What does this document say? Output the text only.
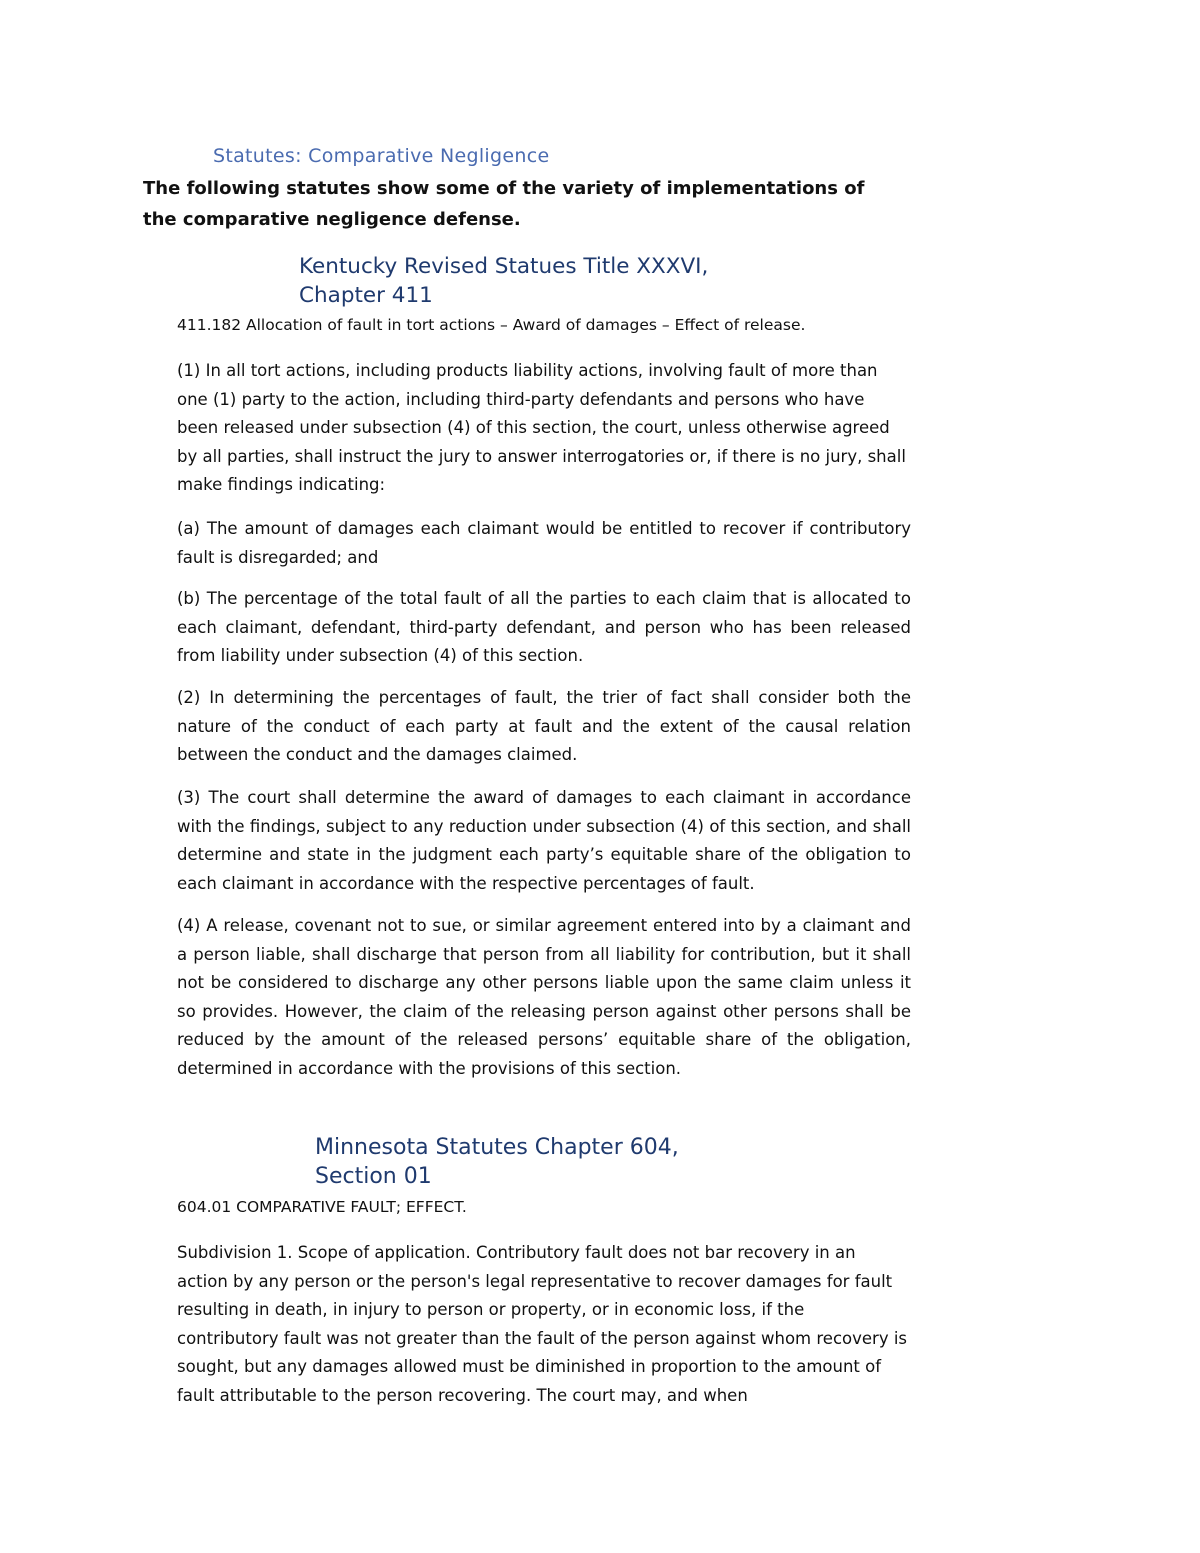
Statutes: Comparative Negligence
The following statutes show some of the variety of implementations of the comparative negligence defense.
Kentucky Revised Statues Title XXXVI,
Chapter 411
411.182 Allocation of fault in tort actions – Award of damages – Effect of release.
(1) In all tort actions, including products liability actions, involving fault of more than one (1) party to the action, including third-party defendants and persons who have been released under subsection (4) of this section, the court, unless otherwise agreed by all parties, shall instruct the jury to answer interrogatories or, if there is no jury, shall make findings indicating:
(a) The amount of damages each claimant would be entitled to recover if contributory fault is disregarded; and
(b) The percentage of the total fault of all the parties to each claim that is allocated to each claimant, defendant, third-party defendant, and person who has been released from liability under subsection (4) of this section.
(2) In determining the percentages of fault, the trier of fact shall consider both the nature of the conduct of each party at fault and the extent of the causal relation between the conduct and the damages claimed.
(3) The court shall determine the award of damages to each claimant in accordance with the findings, subject to any reduction under subsection (4) of this section, and shall determine and state in the judgment each party’s equitable share of the obligation to each claimant in accordance with the respective percentages of fault.
(4) A release, covenant not to sue, or similar agreement entered into by a claimant and a person liable, shall discharge that person from all liability for contribution, but it shall not be considered to discharge any other persons liable upon the same claim unless it so provides. However, the claim of the releasing person against other persons shall be reduced by the amount of the released persons’ equitable share of the obligation, determined in accordance with the provisions of this section.
Minnesota Statutes Chapter 604,
Section 01
604.01 COMPARATIVE FAULT; EFFECT.
Subdivision 1. Scope of application. Contributory fault does not bar recovery in an action by any person or the person's legal representative to recover damages for fault resulting in death, in injury to person or property, or in economic loss, if the contributory fault was not greater than the fault of the person against whom recovery is sought, but any damages allowed must be diminished in proportion to the amount of fault attributable to the person recovering. The court may, and when
